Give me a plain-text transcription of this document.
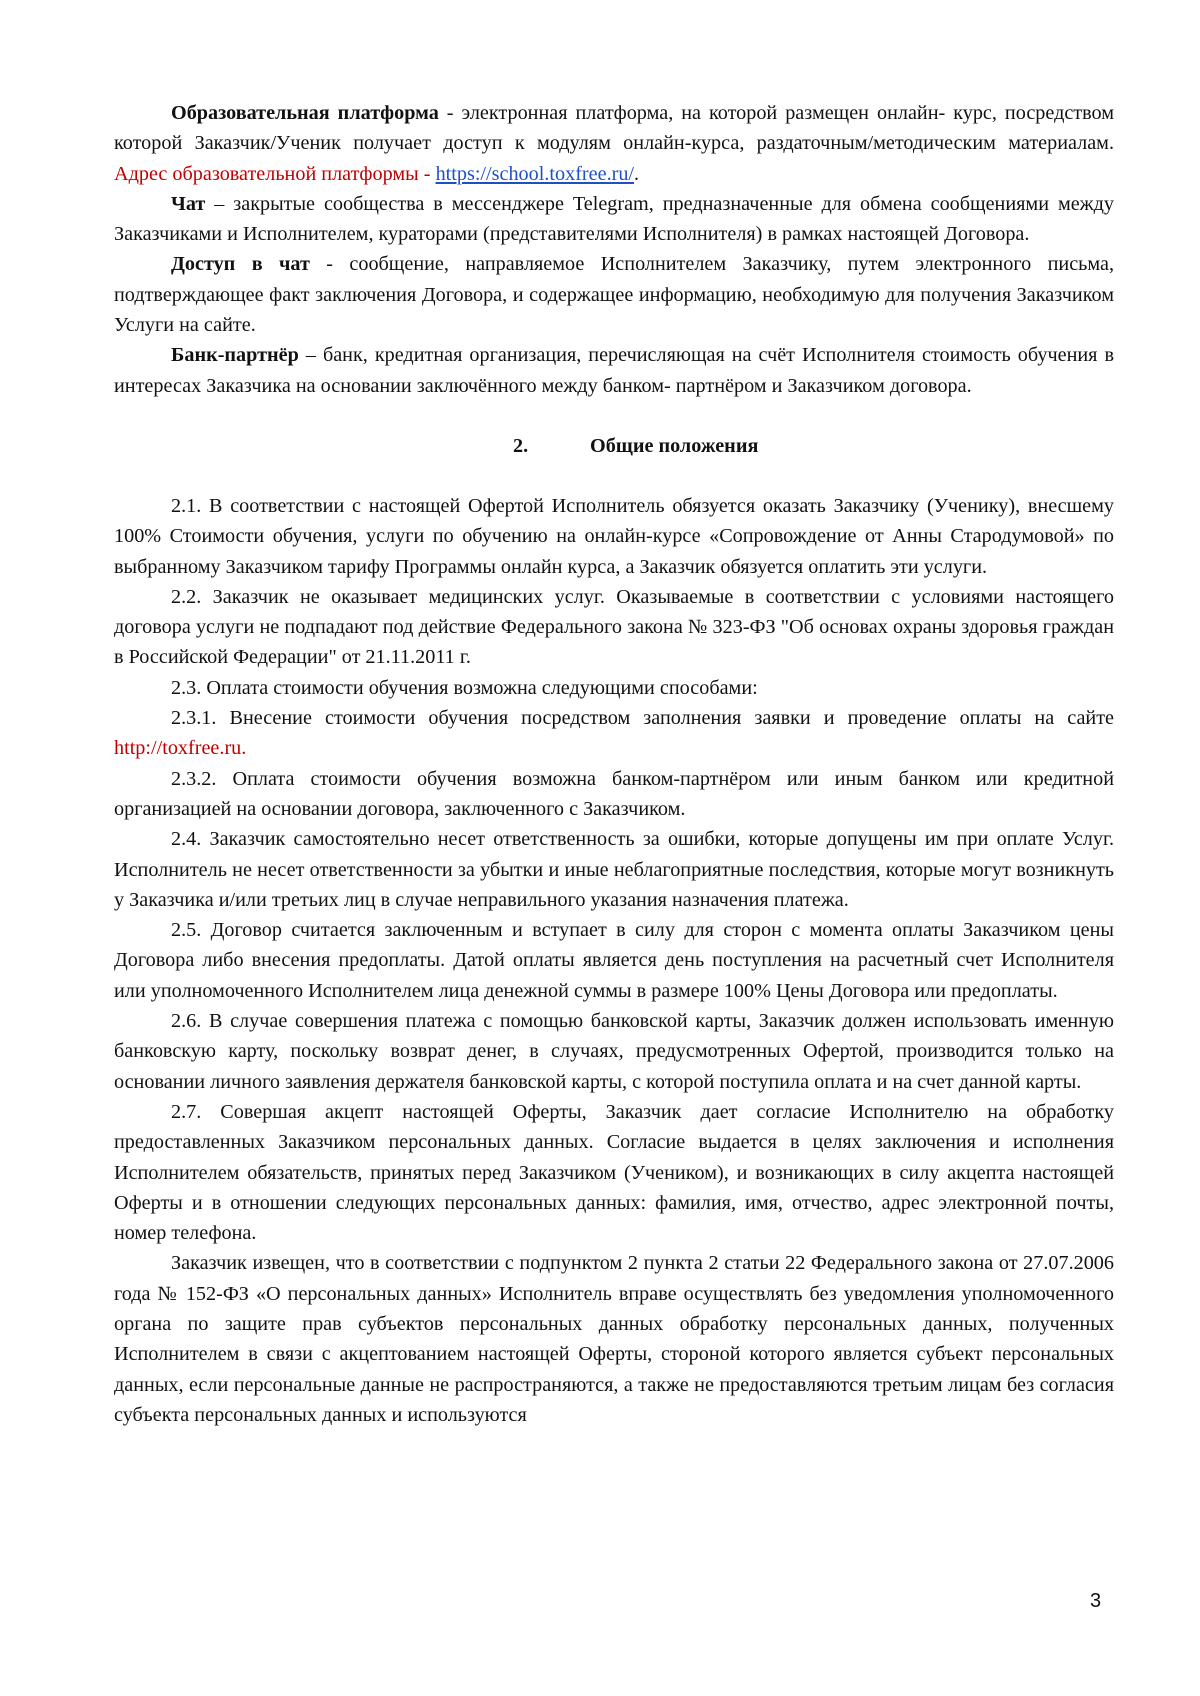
Образовательная платформа - электронная платформа, на которой размещен онлайн- курс, посредством которой Заказчик/Ученик получает доступ к модулям онлайн-курса, раздаточным/методическим материалам. Адрес образовательной платформы - https://school.toxfree.ru/.

Чат – закрытые сообщества в мессенджере Telegram, предназначенные для обмена сообщениями между Заказчиками и Исполнителем, кураторами (представителями Исполнителя) в рамках настоящей Договора.

Доступ в чат - сообщение, направляемое Исполнителем Заказчику, путем электронного письма, подтверждающее факт заключения Договора, и содержащее информацию, необходимую для получения Заказчиком Услуги на сайте.

Банк-партнёр – банк, кредитная организация, перечисляющая на счёт Исполнителя стоимость обучения в интересах Заказчика на основании заключённого между банком- партнёром и Заказчиком договора.

2.	Общие положения

2.1. В соответствии с настоящей Офертой Исполнитель обязуется оказать Заказчику (Ученику), внесшему 100% Стоимости обучения, услуги по обучению на онлайн-курсе «Сопровождение от Анны Стародумовой» по выбранному Заказчиком тарифу Программы онлайн курса, а Заказчик обязуется оплатить эти услуги.

2.2. Заказчик не оказывает медицинских услуг. Оказываемые в соответствии с условиями настоящего договора услуги не подпадают под действие Федерального закона № 323-ФЗ "Об основах охраны здоровья граждан в Российской Федерации" от 21.11.2011 г.

2.3. Оплата стоимости обучения возможна следующими способами:

2.3.1. Внесение стоимости обучения посредством заполнения заявки и проведение оплаты на сайте http://toxfree.ru.

2.3.2. Оплата стоимости обучения возможна банком-партнёром или иным банком или кредитной организацией на основании договора, заключенного с Заказчиком.

2.4. Заказчик самостоятельно несет ответственность за ошибки, которые допущены им при оплате Услуг. Исполнитель не несет ответственности за убытки и иные неблагоприятные последствия, которые могут возникнуть у Заказчика и/или третьих лиц в случае неправильного указания назначения платежа.

2.5. Договор считается заключенным и вступает в силу для сторон с момента оплаты Заказчиком цены Договора либо внесения предоплаты. Датой оплаты является день поступления на расчетный счет Исполнителя или уполномоченного Исполнителем лица денежной суммы в размере 100% Цены Договора или предоплаты.

2.6. В случае совершения платежа с помощью банковской карты, Заказчик должен использовать именную банковскую карту, поскольку возврат денег, в случаях, предусмотренных Офертой, производится только на основании личного заявления держателя банковской карты, с которой поступила оплата и на счет данной карты.

2.7. Совершая акцепт настоящей Оферты, Заказчик дает согласие Исполнителю на обработку предоставленных Заказчиком персональных данных. Согласие выдается в целях заключения и исполнения Исполнителем обязательств, принятых перед Заказчиком (Учеником), и возникающих в силу акцепта настоящей Оферты и в отношении следующих персональных данных: фамилия, имя, отчество, адрес электронной почты, номер телефона.

Заказчик извещен, что в соответствии с подпунктом 2 пункта 2 статьи 22 Федерального закона от 27.07.2006 года № 152-ФЗ «О персональных данных» Исполнитель вправе осуществлять без уведомления уполномоченного органа по защите прав субъектов персональных данных обработку персональных данных, полученных Исполнителем в связи с акцептованием настоящей Оферты, стороной которого является субъект персональных данных, если персональные данные не распространяются, а также не предоставляются третьим лицам без согласия субъекта персональных данных и используются

3
